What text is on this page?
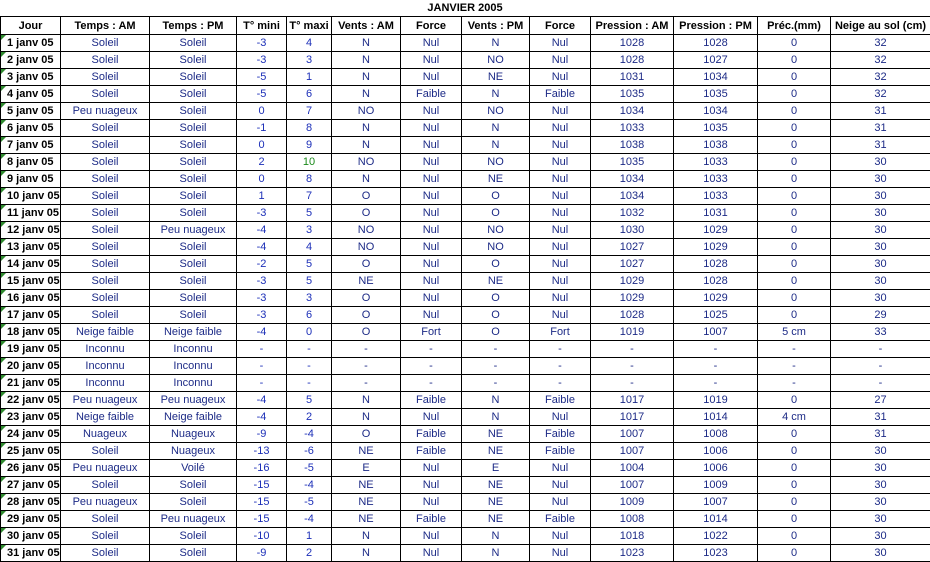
JANVIER 2005
Jour	Temps : AM	Temps : PM	T° mini	T° maxi	Vents : AM	Force	Vents : PM	Force	Pression : AM	Pression : PM	Préc.(mm)	Neige au sol (cm)

1 janv 05	Soleil	Soleil	-3	4	N	Nul	N	Nul	1028	1028	0	32

2 janv 05	Soleil	Soleil	-3	3	N	Nul	NO	Nul	1028	1027	0	32

3 janv 05	Soleil	Soleil	-5	1	N	Nul	NE	Nul	1031	1034	0	32

4 janv 05	Soleil	Soleil	-5	6	N	Faible	N	Faible	1035	1035	0	32

5 janv 05	Peu nuageux	Soleil	0	7	NO	Nul	NO	Nul	1034	1034	0	31

6 janv 05	Soleil	Soleil	-1	8	N	Nul	N	Nul	1033	1035	0	31

7 janv 05	Soleil	Soleil	0	9	N	Nul	N	Nul	1038	1038	0	31

8 janv 05	Soleil	Soleil	2	10	NO	Nul	NO	Nul	1035	1033	0	30

9 janv 05	Soleil	Soleil	0	8	N	Nul	NE	Nul	1034	1033	0	30

10 janv 05	Soleil	Soleil	1	7	O	Nul	O	Nul	1034	1033	0	30

11 janv 05	Soleil	Soleil	-3	5	O	Nul	O	Nul	1032	1031	0	30

12 janv 05	Soleil	Peu nuageux	-4	3	NO	Nul	NO	Nul	1030	1029	0	30

13 janv 05	Soleil	Soleil	-4	4	NO	Nul	NO	Nul	1027	1029	0	30

14 janv 05	Soleil	Soleil	-2	5	O	Nul	O	Nul	1027	1028	0	30

15 janv 05	Soleil	Soleil	-3	5	NE	Nul	NE	Nul	1029	1028	0	30

16 janv 05	Soleil	Soleil	-3	3	O	Nul	O	Nul	1029	1029	0	30

17 janv 05	Soleil	Soleil	-3	6	O	Nul	O	Nul	1028	1025	0	29

18 janv 05	Neige faible	Neige faible	-4	0	O	Fort	O	Fort	1019	1007	5 cm	33

19 janv 05	Inconnu	Inconnu	-	-	-	-	-	-	-	-	-	-

20 janv 05	Inconnu	Inconnu	-	-	-	-	-	-	-	-	-	-

21 janv 05	Inconnu	Inconnu	-	-	-	-	-	-	-	-	-	-

22 janv 05	Peu nuageux	Peu nuageux	-4	5	N	Faible	N	Faible	1017	1019	0	27

23 janv 05	Neige faible	Neige faible	-4	2	N	Nul	N	Nul	1017	1014	4 cm	31

24 janv 05	Nuageux	Nuageux	-9	-4	O	Faible	NE	Faible	1007	1008	0	31

25 janv 05	Soleil	Nuageux	-13	-6	NE	Faible	NE	Faible	1007	1006	0	30

26 janv 05	Peu nuageux	Voilé	-16	-5	E	Nul	E	Nul	1004	1006	0	30

27 janv 05	Soleil	Soleil	-15	-4	NE	Nul	NE	Nul	1007	1009	0	30

28 janv 05	Peu nuageux	Soleil	-15	-5	NE	Nul	NE	Nul	1009	1007	0	30

29 janv 05	Soleil	Peu nuageux	-15	-4	NE	Faible	NE	Faible	1008	1014	0	30

30 janv 05	Soleil	Soleil	-10	1	N	Nul	N	Nul	1018	1022	0	30

31 janv 05	Soleil	Soleil	-9	2	N	Nul	N	Nul	1023	1023	0	30
